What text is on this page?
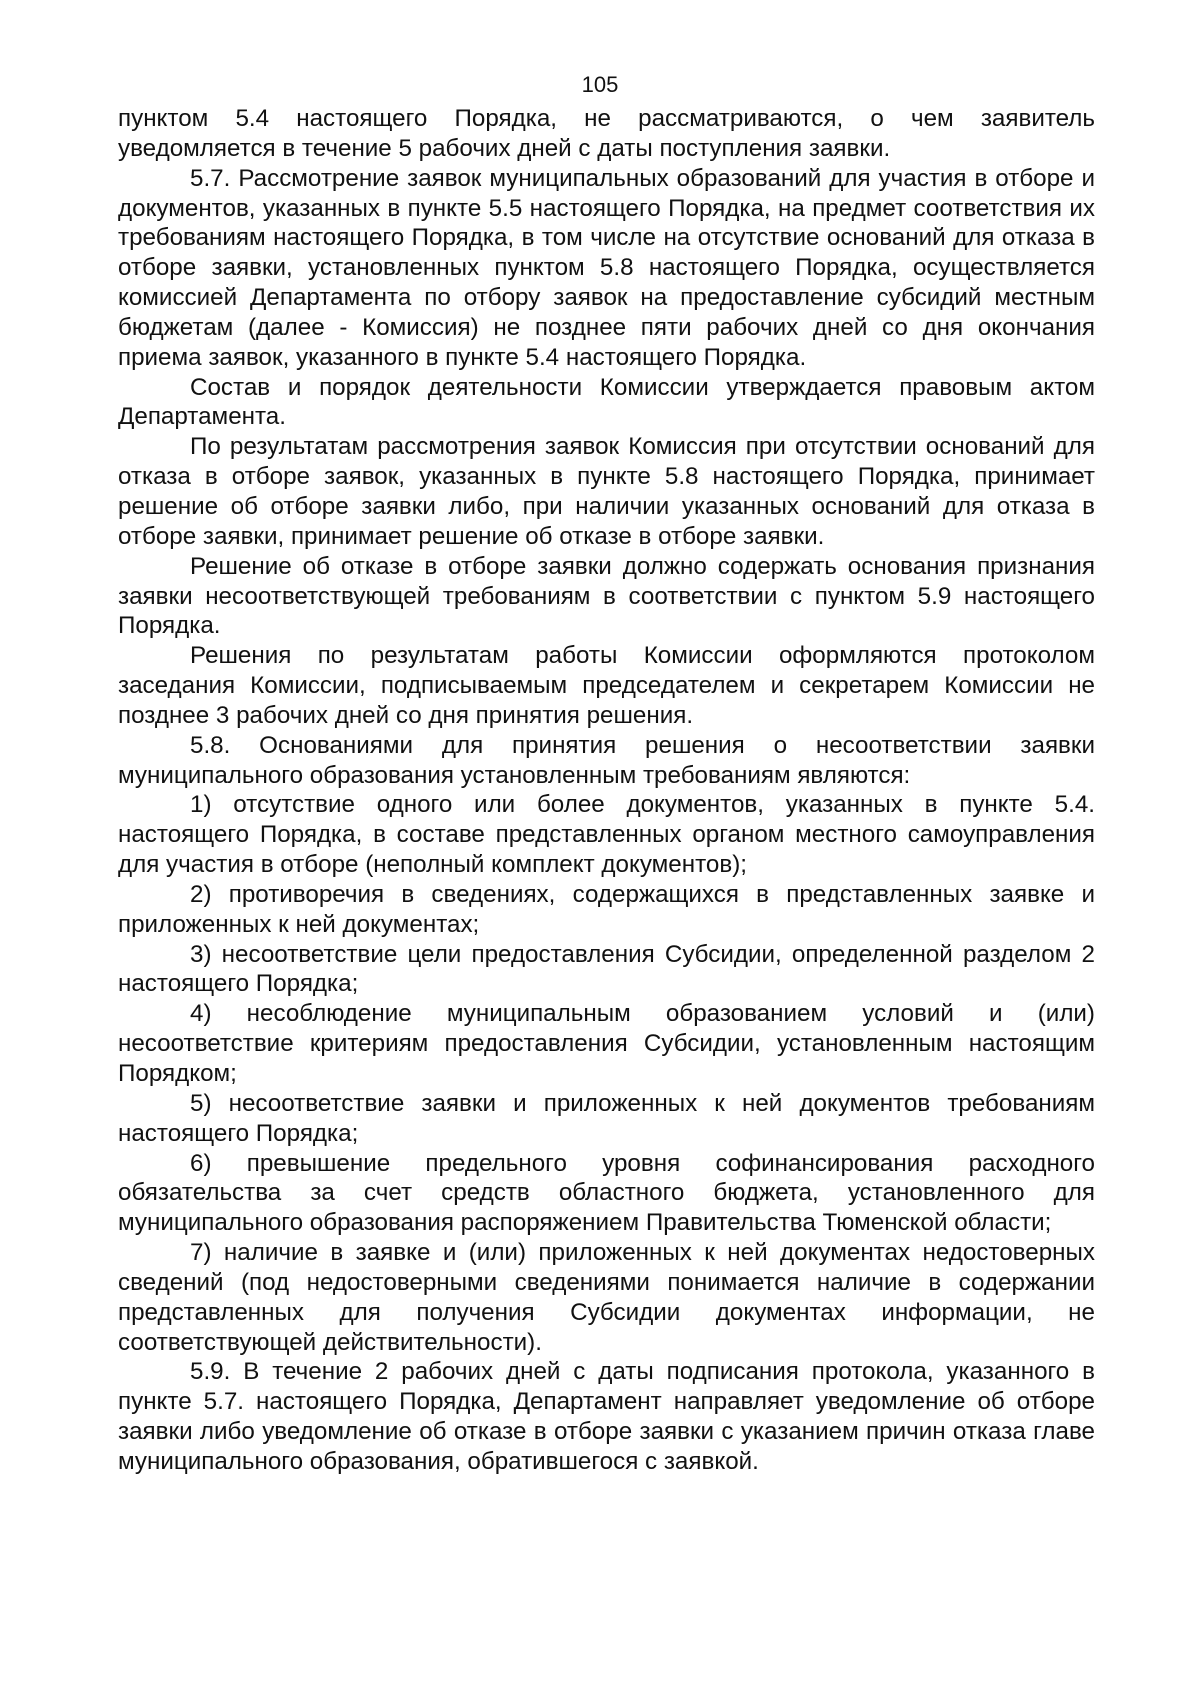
105

пунктом 5.4 настоящего Порядка, не рассматриваются, о чем заявитель уведомляется в течение 5 рабочих дней с даты поступления заявки.

5.7. Рассмотрение заявок муниципальных образований для участия в отборе и документов, указанных в пункте 5.5 настоящего Порядка, на предмет соответствия их требованиям настоящего Порядка, в том числе на отсутствие оснований для отказа в отборе заявки, установленных пунктом 5.8 настоящего Порядка, осуществляется комиссией Департамента по отбору заявок на предоставление субсидий местным бюджетам (далее - Комиссия) не позднее пяти рабочих дней со дня окончания приема заявок, указанного в пункте 5.4 настоящего Порядка.

Состав и порядок деятельности Комиссии утверждается правовым актом Департамента.

По результатам рассмотрения заявок Комиссия при отсутствии оснований для отказа в отборе заявок, указанных в пункте 5.8 настоящего Порядка, принимает решение об отборе заявки либо, при наличии указанных оснований для отказа в отборе заявки, принимает решение об отказе в отборе заявки.

Решение об отказе в отборе заявки должно содержать основания признания заявки несоответствующей требованиям в соответствии с пунктом 5.9 настоящего Порядка.

Решения по результатам работы Комиссии оформляются протоколом заседания Комиссии, подписываемым председателем и секретарем Комиссии не позднее 3 рабочих дней со дня принятия решения.

5.8. Основаниями для принятия решения о несоответствии заявки муниципального образования установленным требованиям являются:

1) отсутствие одного или более документов, указанных в пункте 5.4. настоящего Порядка, в составе представленных органом местного самоуправления для участия в отборе (неполный комплект документов);

2) противоречия в сведениях, содержащихся в представленных заявке и приложенных к ней документах;

3) несоответствие цели предоставления Субсидии, определенной разделом 2 настоящего Порядка;

4) несоблюдение муниципальным образованием условий и (или) несоответствие критериям предоставления Субсидии, установленным настоящим Порядком;

5) несоответствие заявки и приложенных к ней документов требованиям настоящего Порядка;

6) превышение предельного уровня софинансирования расходного обязательства за счет средств областного бюджета, установленного для муниципального образования распоряжением Правительства Тюменской области;

7) наличие в заявке и (или) приложенных к ней документах недостоверных сведений (под недостоверными сведениями понимается наличие в содержании представленных для получения Субсидии документах информации, не соответствующей действительности).

5.9. В течение 2 рабочих дней с даты подписания протокола, указанного в пункте 5.7. настоящего Порядка, Департамент направляет уведомление об отборе заявки либо уведомление об отказе в отборе заявки с указанием причин отказа главе муниципального образования, обратившегося с заявкой.
